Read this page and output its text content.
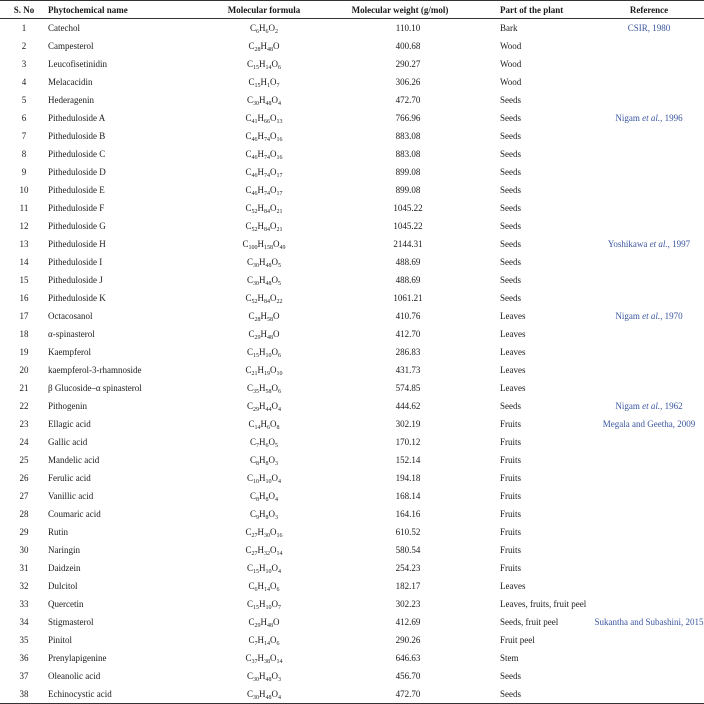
S. No	Phytochemical name	Molecular formula	Molecular weight (g/mol)	Part of the plant	Reference
1	Catechol	$C_6H_6O_2$	110.10	Bark	CSIR, 1980
2	Campesterol	$C_{28}H_{48}O$	400.68	Wood	
3	Leucofisetinidin	$C_{15}H_{14}O_6$	290.27	Wood	
4	Melacacidin	$C_{15}H_1O_7$	306.26	Wood	
5	Hederagenin	$C_{30}H_{48}O_4$	472.70	Seeds	
6	Pitheduloside A	$C_{41}H_{66}O_{13}$	766.96	Seeds	Nigam et al., 1996
7	Pitheduloside B	$C_{46}H_{74}O_{16}$	883.08	Seeds	
8	Pitheduloside C	$C_{46}H_{74}O_{16}$	883.08	Seeds	
9	Pitheduloside D	$C_{46}H_{74}O_{17}$	899.08	Seeds	
10	Pitheduloside E	$C_{46}H_{74}O_{17}$	899.08	Seeds	
11	Pitheduloside F	$C_{52}H_{84}O_{21}$	1045.22	Seeds	
12	Pitheduloside G	$C_{52}H_{84}O_{21}$	1045.22	Seeds	
13	Pitheduloside H	$C_{100}H_{158}O_{49}$	2144.31	Seeds	Yoshikawa et al., 1997
14	Pitheduloside I	$C_{30}H_{48}O_5$	488.69	Seeds	
15	Pitheduloside J	$C_{30}H_{48}O_5$	488.69	Seeds	
16	Pitheduloside K	$C_{52}H_{84}O_{22}$	1061.21	Seeds	
17	Octacosanol	$C_{28}H_{58}O$	410.76	Leaves	Nigam et al., 1970
18	α-spinasterol	$C_{29}H_{48}O$	412.70	Leaves	
19	Kaempferol	$C_{15}H_{10}O_6$	286.83	Leaves	
20	kaempferol-3-rhamnoside	$C_{21}H_{19}O_{10}$	431.73	Leaves	
21	β Glucoside–α spinasterol	$C_{35}H_{58}O_6$	574.85	Leaves	
22	Pithogenin	$C_{29}H_{44}O_4$	444.62	Seeds	Nigam et al., 1962
23	Ellagic acid	$C_{14}H_6O_8$	302.19	Fruits	Megala and Geetha, 2009
24	Gallic acid	$C_7H_6O_5$	170.12	Fruits	
25	Mandelic acid	$C_8H_8O_3$	152.14	Fruits	
26	Ferulic acid	$C_{10}H_{10}O_4$	194.18	Fruits	
27	Vanillic acid	$C_8H_8O_4$	168.14	Fruits	
28	Coumaric acid	$C_9H_8O_3$	164.16	Fruits	
29	Rutin	$C_{27}H_{30}O_{16}$	610.52	Fruits	
30	Naringin	$C_{27}H_{32}O_{14}$	580.54	Fruits	
31	Daidzein	$C_{15}H_{10}O_4$	254.23	Fruits	
32	Dulcitol	$C_6H_{14}O_6$	182.17	Leaves	
33	Quercetin	$C_{15}H_{10}O_7$	302.23	Leaves, fruits, fruit peel	
34	Stigmasterol	$C_{29}H_{48}O$	412.69	Seeds, fruit peel	Sukantha and Subashini, 2015
35	Pinitol	$C_7H_{14}O_6$	290.26	Fruit peel	
36	Prenylapigenine	$C_{37}H_{38}O_{14}$	646.63	Stem	
37	Oleanolic acid	$C_{30}H_{48}O_3$	456.70	Seeds	
38	Echinocystic acid	$C_{30}H_{48}O_4$	472.70	Seeds	
